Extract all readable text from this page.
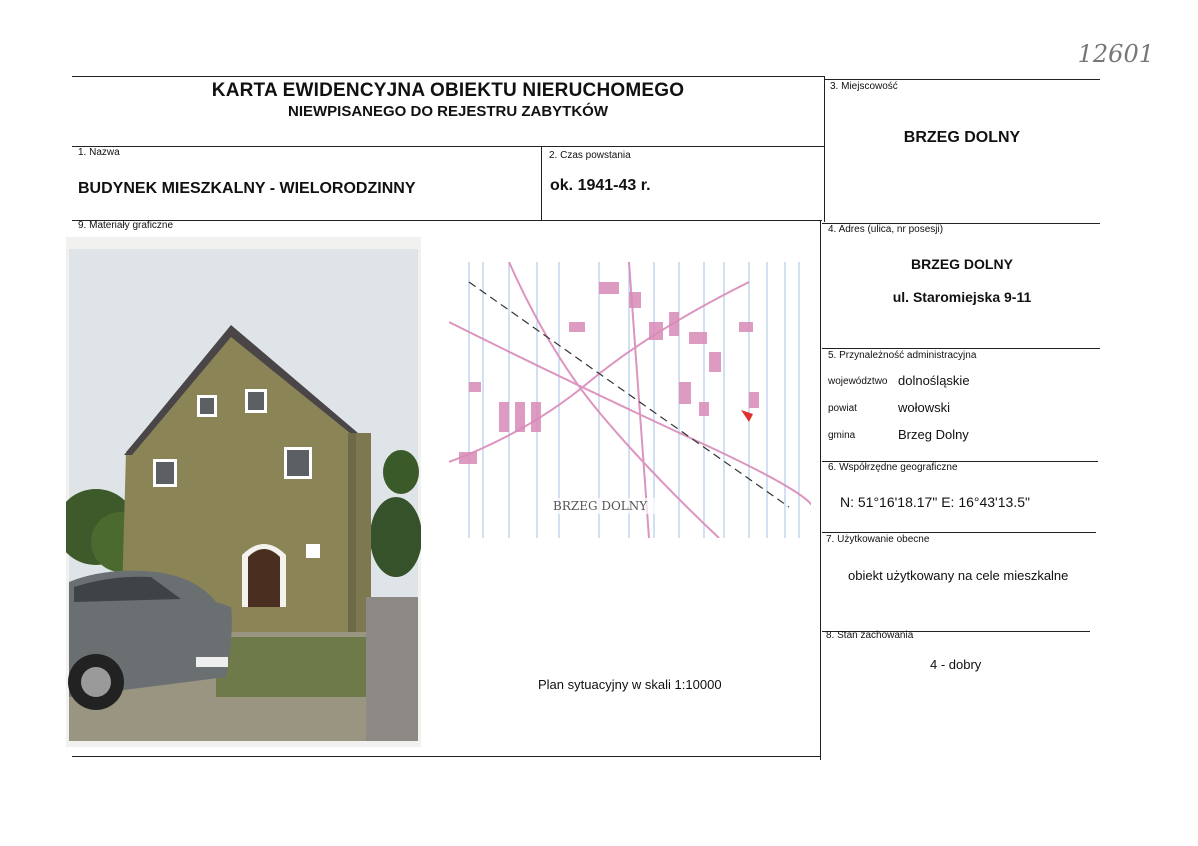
12601
KARTA EWIDENCYJNA OBIEKTU NIERUCHOMEGO
NIEWPISANEGO DO REJESTRU ZABYTKÓW
1. Nazwa
BUDYNEK MIESZKALNY - WIELORODZINNY
2. Czas powstania
ok. 1941-43 r.
3. Miejscowość
BRZEG DOLNY
9. Materiały graficzne
BRZEG DOLNY
Plan sytuacyjny w skali 1:10000
4. Adres (ulica, nr posesji)
BRZEG DOLNY
ul. Staromiejska 9-11
5. Przynależność administracyjna
województwo dolnośląskie
powiat	wołowski
gmina	Brzeg Dolny
6. Współrzędne geograficzne
N: 51°16'18.17" E: 16°43'13.5"
7. Użytkowanie obecne
obiekt użytkowany na cele mieszkalne
8. Stan zachowania
4 - dobry
